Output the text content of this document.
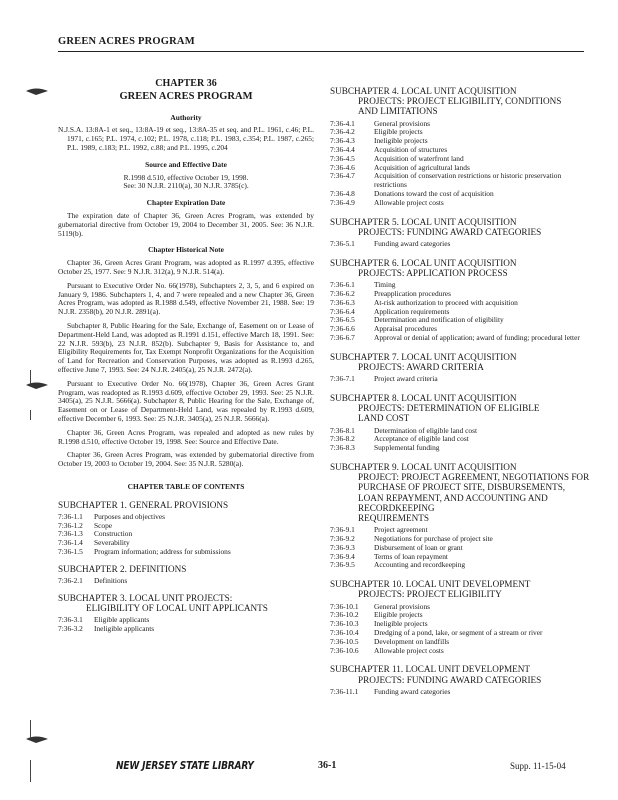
GREEN ACRES PROGRAM
CHAPTER 36
GREEN ACRES PROGRAM
Authority

N.J.S.A. 13:8A-1 et seq., 13:8A-19 et seq., 13:8A-35 et seq. and P.L. 1961, c.46; P.L. 1971, c.165; P.L. 1974, c.102; P.L. 1978, c.118; P.L. 1983, c.354; P.L. 1987, c.265; P.L. 1989, c.183; P.L. 1992, c.88; and P.L. 1995, c.204

Source and Effective Date

R.1998 d.510, effective October 19, 1998.

See: 30 N.J.R. 2110(a), 30 N.J.R. 3785(c).

Chapter Expiration Date

The expiration date of Chapter 36, Green Acres Program, was extended by gubernatorial directive from October 19, 2004 to December 31, 2005. See: 36 N.J.R. 5119(b).

Chapter Historical Note

Chapter 36, Green Acres Grant Program, was adopted as R.1997 d.395, effective October 25, 1977. See: 9 N.J.R. 312(a), 9 N.J.R. 514(a).

Pursuant to Executive Order No. 66(1978), Subchapters 2, 3, 5, and 6 expired on January 9, 1986. Subchapters 1, 4, and 7 were repealed and a new Chapter 36, Green Acres Program, was adopted as R.1988 d.549, effective November 21, 1988. See: 19 N.J.R. 2358(b), 20 N.J.R. 2891(a).

Subchapter 8, Public Hearing for the Sale, Exchange of, Easement on or Lease of Department-Held Land, was adopted as R.1991 d.151, effective March 18, 1991. See: 22 N.J.R. 593(b), 23 N.J.R. 852(b). Subchapter 9, Basis for Assistance to, and Eligibility Requirements for, Tax Exempt Nonprofit Organizations for the Acquisition of Land for Recreation and Conservation Purposes, was adopted as R.1993 d.265, effective June 7, 1993. See: 24 N.J.R. 2405(a), 25 N.J.R. 2472(a).

Pursuant to Executive Order No. 66(1978), Chapter 36, Green Acres Grant Program, was readopted as R.1993 d.609, effective October 29, 1993. See: 25 N.J.R. 3405(a), 25 N.J.R. 5666(a). Subchapter 8, Public Hearing for the Sale, Exchange of, Easement on or Lease of Department-Held Land, was repealed by R.1993 d.609, effective December 6, 1993. See: 25 N.J.R. 3405(a), 25 N.J.R. 5666(a).

Chapter 36, Green Acres Program, was repealed and adopted as new rules by R.1998 d.510, effective October 19, 1998. See: Source and Effective Date.

Chapter 36, Green Acres Program, was extended by gubernatorial directive from October 19, 2003 to October 19, 2004. See: 35 N.J.R. 5280(a).

CHAPTER TABLE OF CONTENTS
SUBCHAPTER 1. GENERAL PROVISIONS
7:36-1.1	Purposes and objectives
7:36-1.2	Scope
7:36-1.3	Construction
7:36-1.4	Severability
7:36-1.5	Program information; address for submissions
SUBCHAPTER 2. DEFINITIONS
7:36-2.1	Definitions
SUBCHAPTER 3. LOCAL UNIT PROJECTS:
ELIGIBILITY OF LOCAL UNIT APPLICANTS
7:36-3.1	Eligible applicants
7:36-3.2	Ineligible applicants
SUBCHAPTER 4. LOCAL UNIT ACQUISITION
PROJECTS: PROJECT ELIGIBILITY, CONDITIONS
AND LIMITATIONS
7:36-4.1	General provisions
7:36-4.2	Eligible projects
7:36-4.3	Ineligible projects
7:36-4.4	Acquisition of structures
7:36-4.5	Acquisition of waterfront land
7:36-4.6	Acquisition of agricultural lands
7:36-4.7	Acquisition of conservation restrictions or historic preservation restrictions
7:36-4.8	Donations toward the cost of acquisition
7:36-4.9	Allowable project costs
SUBCHAPTER 5. LOCAL UNIT ACQUISITION
PROJECTS: FUNDING AWARD CATEGORIES
7:36-5.1	Funding award categories
SUBCHAPTER 6. LOCAL UNIT ACQUISITION
PROJECTS: APPLICATION PROCESS
7:36-6.1	Timing
7:36-6.2	Preapplication procedures
7:36-6.3	At-risk authorization to proceed with acquisition
7:36-6.4	Application requirements
7:36-6.5	Determination and notification of eligibility
7:36-6.6	Appraisal procedures
7:36-6.7	Approval or denial of application; award of funding; procedural letter
SUBCHAPTER 7. LOCAL UNIT ACQUISITION
PROJECTS: AWARD CRITERIA
7:36-7.1	Project award criteria
SUBCHAPTER 8. LOCAL UNIT ACQUISITION
PROJECTS: DETERMINATION OF ELIGIBLE
LAND COST
7:36-8.1	Determination of eligible land cost
7:36-8.2	Acceptance of eligible land cost
7:36-8.3	Supplemental funding
SUBCHAPTER 9. LOCAL UNIT ACQUISITION
PROJECT: PROJECT AGREEMENT, NEGOTIATIONS FOR PURCHASE OF PROJECT SITE, DISBURSEMENTS, LOAN REPAYMENT, AND ACCOUNTING AND RECORDKEEPING
REQUIREMENTS
7:36-9.1	Project agreement
7:36-9.2	Negotiations for purchase of project site
7:36-9.3	Disbursement of loan or grant
7:36-9.4	Terms of loan repayment
7:36-9.5	Accounting and recordkeeping
SUBCHAPTER 10. LOCAL UNIT DEVELOPMENT
PROJECTS: PROJECT ELIGIBILITY
7:36-10.1	General provisions
7:36-10.2	Eligible projects
7:36-10.3	Ineligible projects
7:36-10.4	Dredging of a pond, lake, or segment of a stream or river
7:36-10.5	Development on landfills
7:36-10.6	Allowable project costs
SUBCHAPTER 11. LOCAL UNIT DEVELOPMENT
PROJECTS: FUNDING AWARD CATEGORIES
7:36-11.1	Funding award categories
NEW JERSEY STATE LIBRARY	36-1	Supp. 11-15-04
